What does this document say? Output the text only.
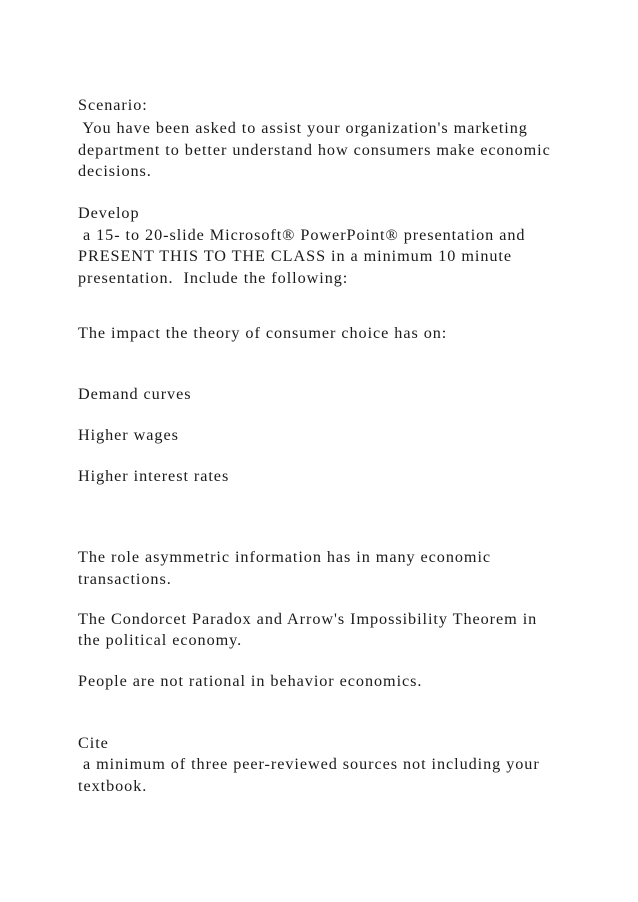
Scenario:

You have been asked to assist your organization's marketing

department to better understand how consumers make economic

decisions.

Develop

a 15- to 20-slide Microsoft® PowerPoint® presentation and

PRESENT THIS TO THE CLASS in a minimum 10 minute

presentation.  Include the following:

The impact the theory of consumer choice has on:

Demand curves

Higher wages

Higher interest rates

The role asymmetric information has in many economic

transactions.

The Condorcet Paradox and Arrow's Impossibility Theorem in

the political economy.

People are not rational in behavior economics.

Cite

a minimum of three peer-reviewed sources not including your

textbook.
